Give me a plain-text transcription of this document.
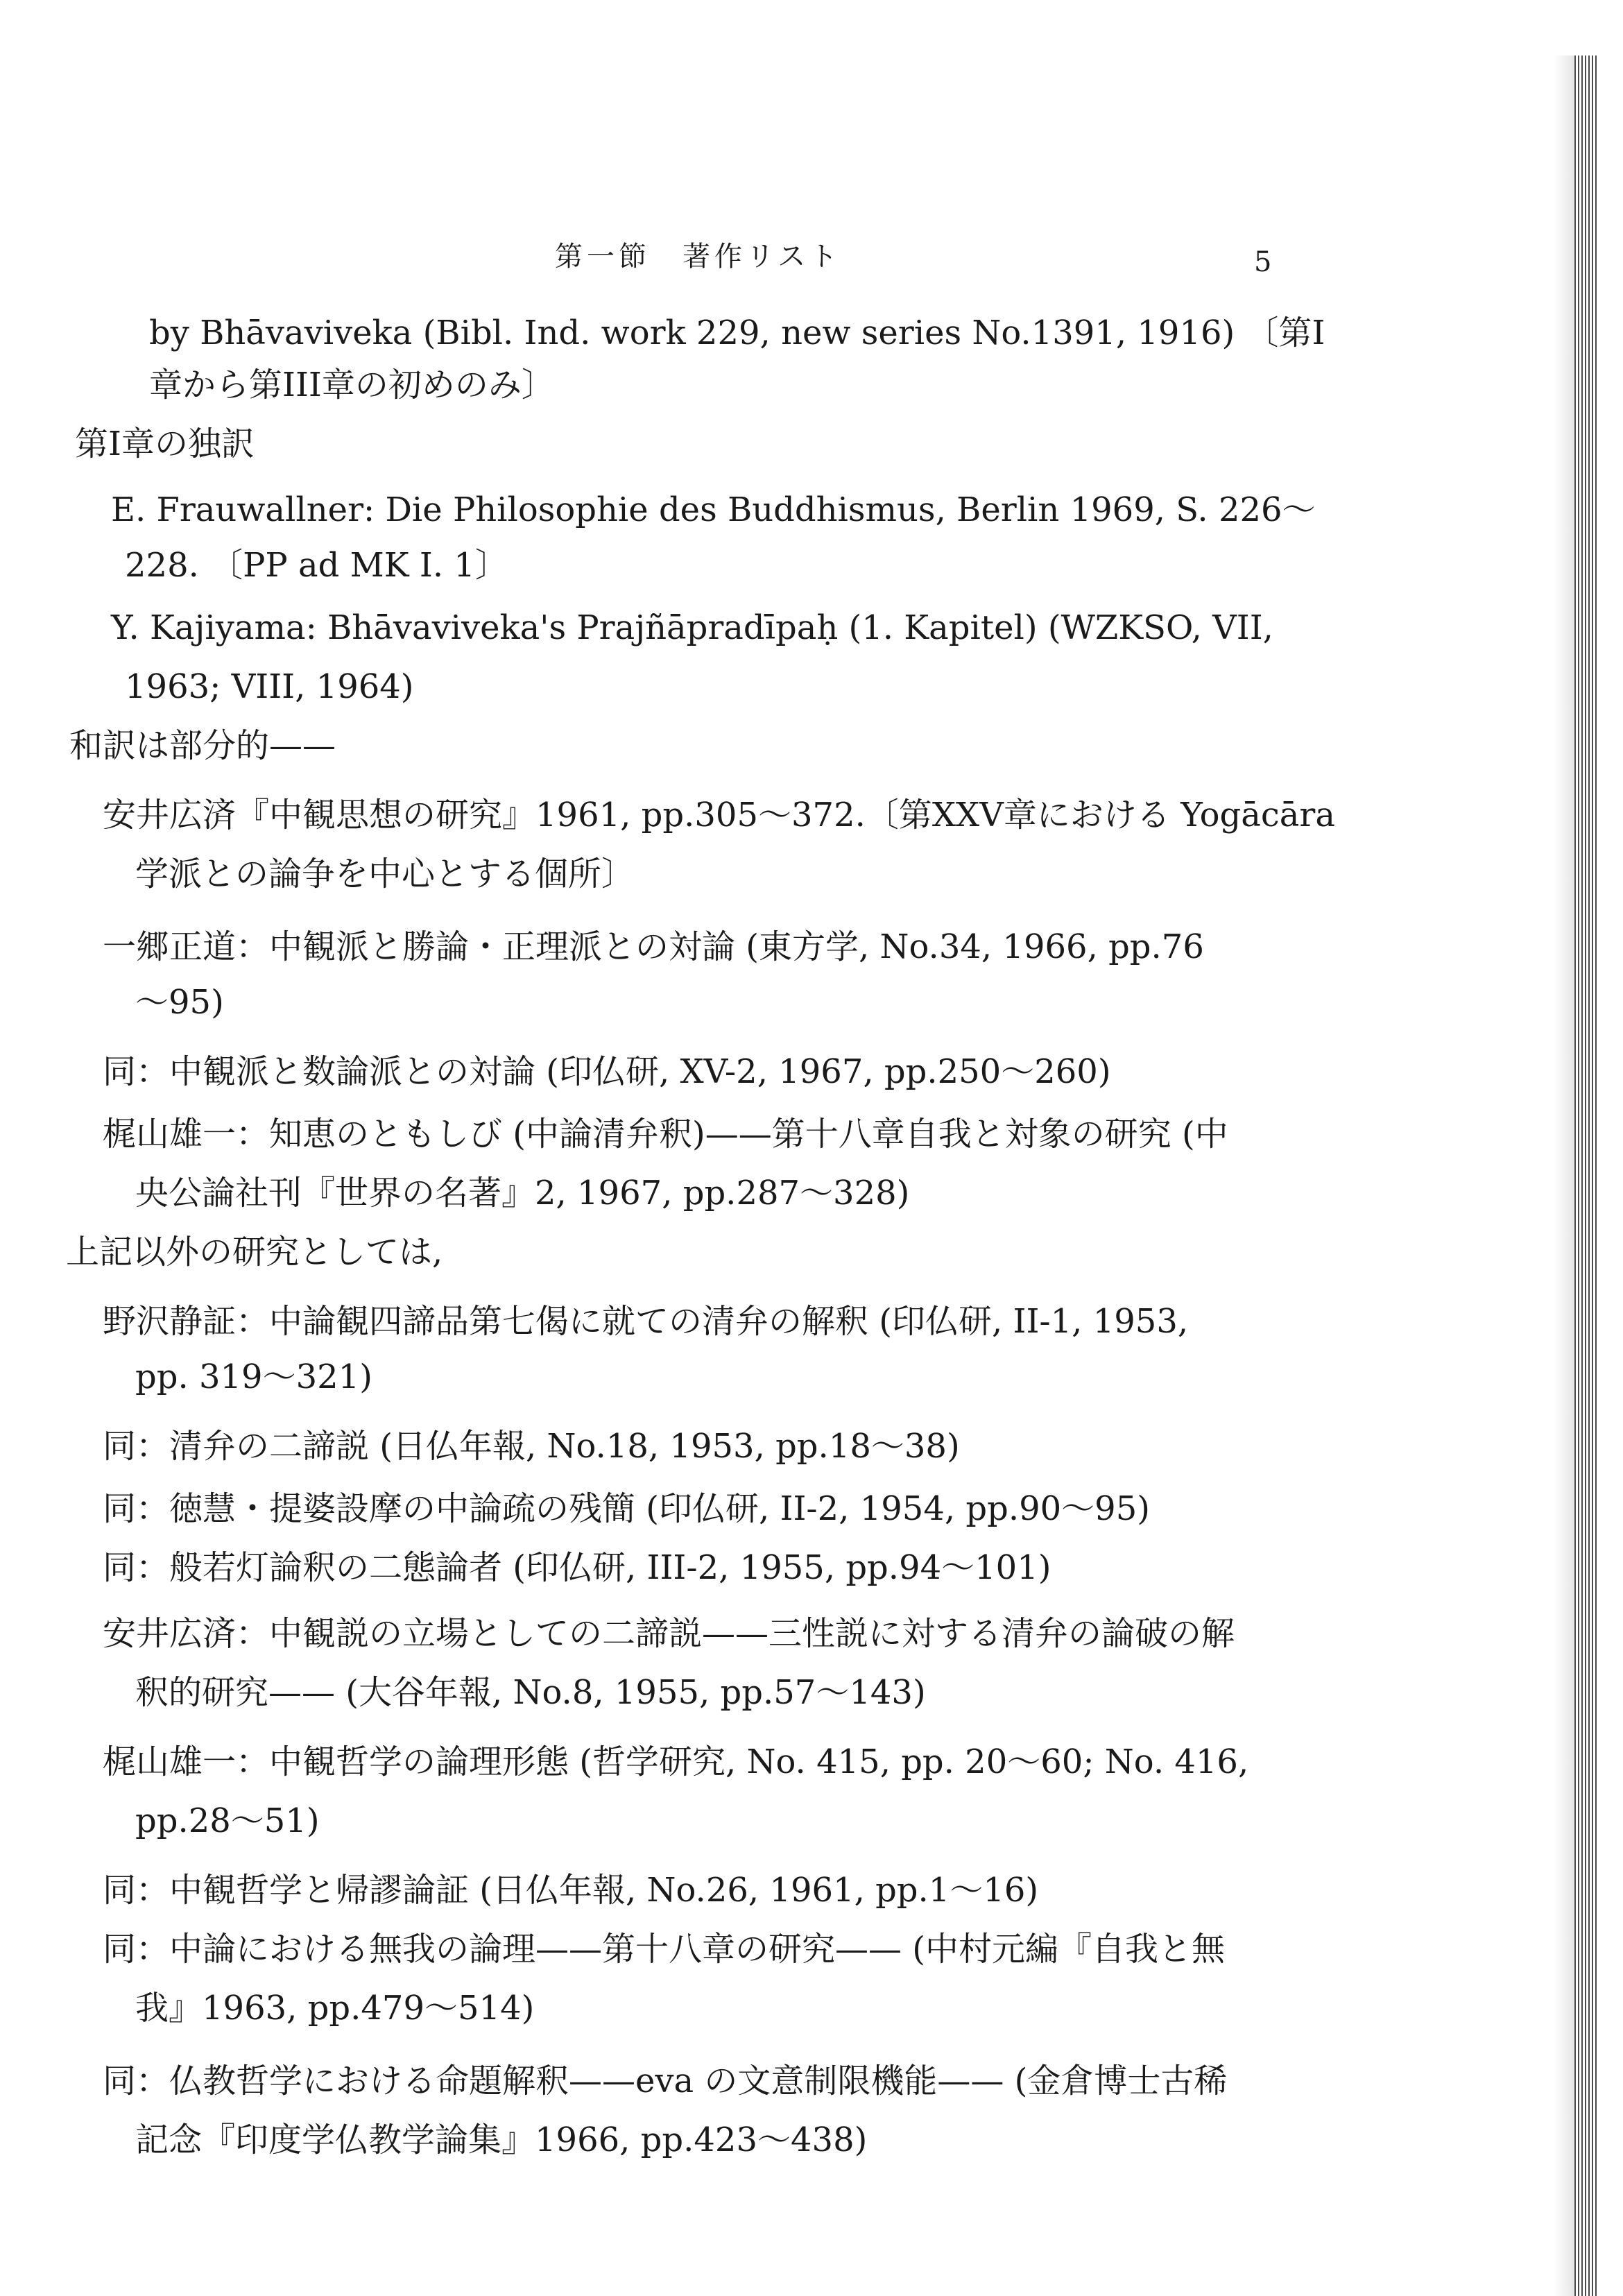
第一節　著作リスト	5
by Bhāvaviveka (Bibl. Ind. work 229, new series No.1391, 1916) 〔第I
章から第III章の初めのみ〕
第I章の独訳
E. Frauwallner: Die Philosophie des Buddhismus, Berlin 1969, S. 226〜
228. 〔PP ad MK I. 1〕
Y. Kajiyama: Bhāvaviveka's Prajñāpradīpaḥ (1. Kapitel) (WZKSO, VII,
1963; VIII, 1964)
和訳は部分的——
安井広済『中観思想の研究』1961, pp.305〜372.〔第XXV章における Yogācāra
学派との論争を中心とする個所〕
一郷正道：中観派と勝論・正理派との対論 (東方学, No.34, 1966, pp.76
〜95)
同：中観派と数論派との対論 (印仏研, XV-2, 1967, pp.250〜260)
梶山雄一：知恵のともしび (中論清弁釈)——第十八章自我と対象の研究 (中
央公論社刊『世界の名著』2, 1967, pp.287〜328)
上記以外の研究としては,
野沢静証：中論観四諦品第七偈に就ての清弁の解釈 (印仏研, II-1, 1953,
pp. 319〜321)
同：清弁の二諦説 (日仏年報, No.18, 1953, pp.18〜38)
同：徳慧・提婆設摩の中論疏の残簡 (印仏研, II-2, 1954, pp.90〜95)
同：般若灯論釈の二態論者 (印仏研, III-2, 1955, pp.94〜101)
安井広済：中観説の立場としての二諦説——三性説に対する清弁の論破の解
釈的研究—— (大谷年報, No.8, 1955, pp.57〜143)
梶山雄一：中観哲学の論理形態 (哲学研究, No. 415, pp. 20〜60; No. 416,
pp.28〜51)
同：中観哲学と帰謬論証 (日仏年報, No.26, 1961, pp.1〜16)
同：中論における無我の論理——第十八章の研究—— (中村元編『自我と無
我』1963, pp.479〜514)
同：仏教哲学における命題解釈——eva の文意制限機能—— (金倉博士古稀
記念『印度学仏教学論集』1966, pp.423〜438)
